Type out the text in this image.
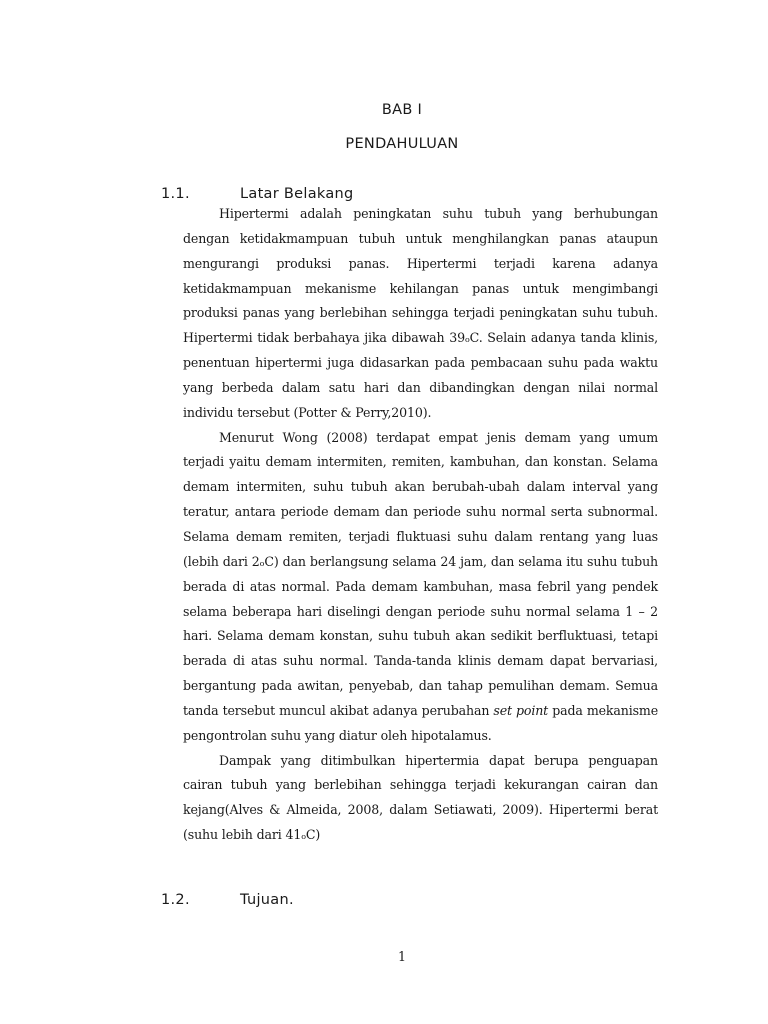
BAB I
PENDAHULUAN
1.1.	Latar Belakang

Hipertermi adalah peningkatan suhu tubuh yang berhubungan dengan ketidakmampuan tubuh untuk menghilangkan panas ataupun mengurangi produksi panas. Hipertermi terjadi karena adanya ketidakmampuan mekanisme kehilangan panas untuk mengimbangi produksi panas yang berlebihan sehingga terjadi peningkatan suhu tubuh. Hipertermi tidak berbahaya jika dibawah 39ₒC. Selain adanya tanda klinis, penentuan hipertermi juga didasarkan pada pembacaan suhu pada waktu yang berbeda dalam satu hari dan dibandingkan dengan nilai normal individu tersebut (Potter & Perry,2010).

Menurut Wong (2008) terdapat empat jenis demam yang umum terjadi yaitu demam intermiten, remiten, kambuhan, dan konstan. Selama demam intermiten, suhu tubuh akan berubah-ubah dalam interval yang teratur, antara periode demam dan periode suhu normal serta subnormal. Selama demam remiten, terjadi fluktuasi suhu dalam rentang yang luas (lebih dari 2ₒC) dan berlangsung selama 24 jam, dan selama itu suhu tubuh berada di atas normal. Pada demam kambuhan, masa febril yang pendek selama beberapa hari diselingi dengan periode suhu normal selama 1 – 2 hari. Selama demam konstan, suhu tubuh akan sedikit berfluktuasi, tetapi berada di atas suhu normal. Tanda-tanda klinis demam dapat bervariasi, bergantung pada awitan, penyebab, dan tahap pemulihan demam. Semua tanda tersebut muncul akibat adanya perubahan set point pada mekanisme pengontrolan suhu yang diatur oleh hipotalamus.

Dampak yang ditimbulkan hipertermia dapat berupa penguapan cairan tubuh yang berlebihan sehingga terjadi kekurangan cairan dan kejang(Alves & Almeida, 2008, dalam Setiawati, 2009). Hipertermi berat (suhu lebih dari 41ₒC)

1.2.	Tujuan.
1
